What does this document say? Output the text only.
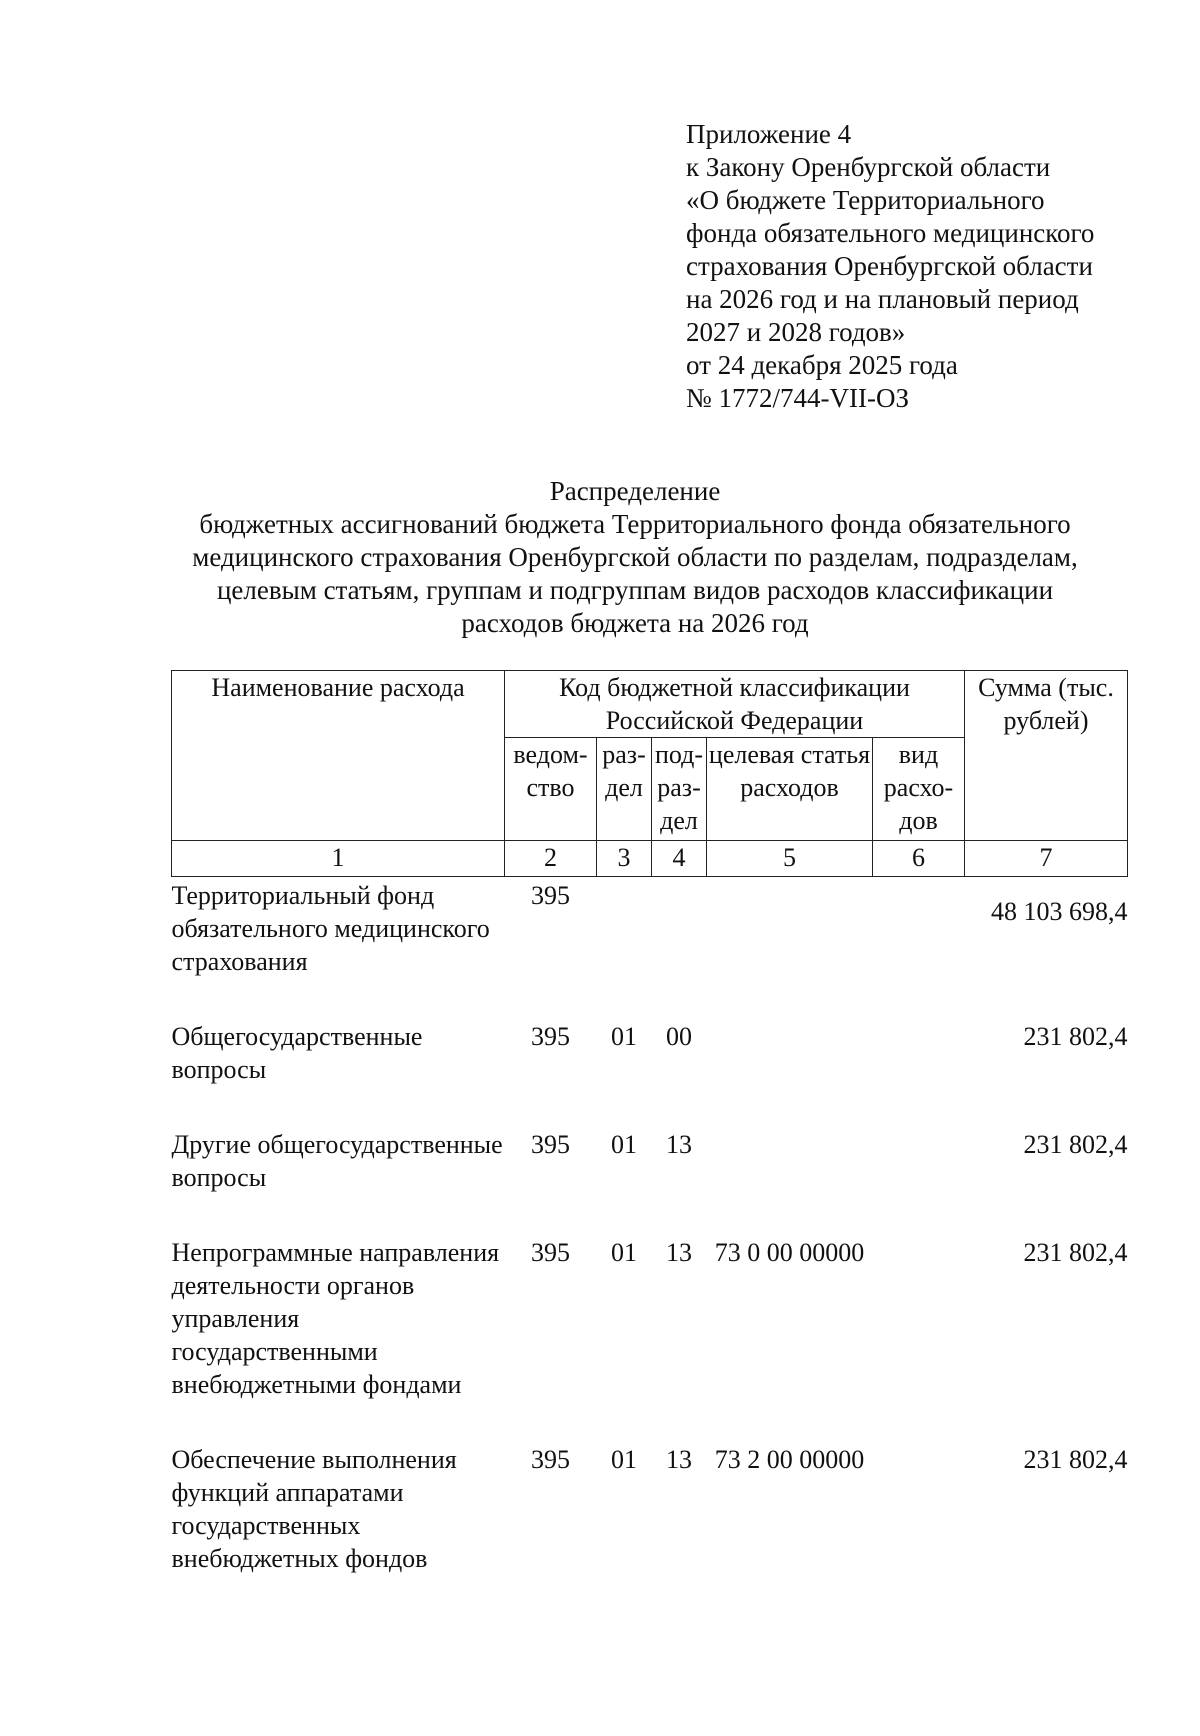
Приложение 4
к Закону Оренбургской области
«О бюджете Территориального
фонда обязательного медицинского
страхования Оренбургской области
на 2026 год и на плановый период
2027 и 2028 годов»
от 24 декабря 2025 года
№ 1772/744-VII-ОЗ
Распределение
бюджетных ассигнований бюджета Территориального фонда обязательного
медицинского страхования Оренбургской области по разделам, подразделам,
целевым статьям, группам и подгруппам видов расходов классификации
расходов бюджета на 2026 год
Наименование расхода	Код бюджетной классификации Российской Федерации					Сумма (тыс. рублей)
	ведом-ство	раз-дел	под-раз-дел	целевая статья расходов	вид расхо-дов	
1	2	3	4	5	6	7
Территориальный фонд обязательного медицинского страхования	395					48 103 698,4
Общегосударственные вопросы	395	01	00			231 802,4
Другие общегосударственные вопросы	395	01	13			231 802,4
Непрограммные направления деятельности органов управления государственными внебюджетными фондами	395	01	13	73 0 00 00000		231 802,4
Обеспечение выполнения функций аппаратами государственных внебюджетных фондов	395	01	13	73 2 00 00000		231 802,4
